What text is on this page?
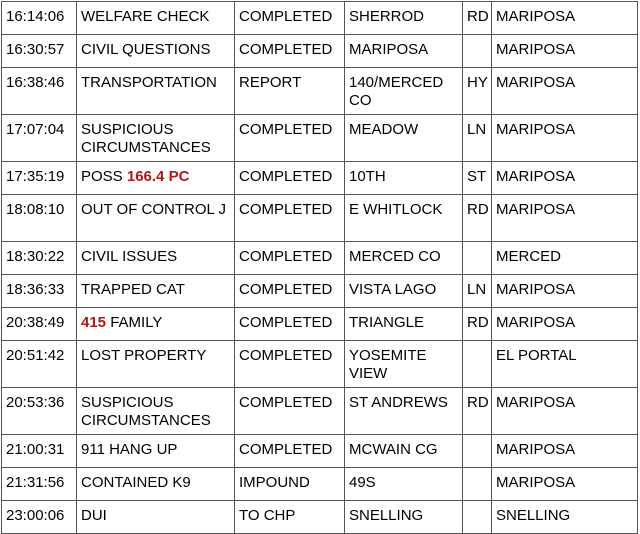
16:14:06	WELFARE CHECK	COMPLETED	SHERROD	RD	MARIPOSA
16:30:57	CIVIL QUESTIONS	COMPLETED	MARIPOSA		MARIPOSA
16:38:46	TRANSPORTATION	REPORT	140/MERCED CO	HY	MARIPOSA
17:07:04	SUSPICIOUS CIRCUMSTANCES	COMPLETED	MEADOW	LN	MARIPOSA
17:35:19	POSS 166.4 PC	COMPLETED	10TH	ST	MARIPOSA
18:08:10	OUT OF CONTROL J	COMPLETED	E WHITLOCK	RD	MARIPOSA
18:30:22	CIVIL ISSUES	COMPLETED	MERCED CO		MERCED
18:36:33	TRAPPED CAT	COMPLETED	VISTA LAGO	LN	MARIPOSA
20:38:49	415 FAMILY	COMPLETED	TRIANGLE	RD	MARIPOSA
20:51:42	LOST PROPERTY	COMPLETED	YOSEMITE VIEW		EL PORTAL
20:53:36	SUSPICIOUS CIRCUMSTANCES	COMPLETED	ST ANDREWS	RD	MARIPOSA
21:00:31	911 HANG UP	COMPLETED	MCWAIN CG		MARIPOSA
21:31:56	CONTAINED K9	IMPOUND	49S		MARIPOSA
23:00:06	DUI	TO CHP	SNELLING		SNELLING
